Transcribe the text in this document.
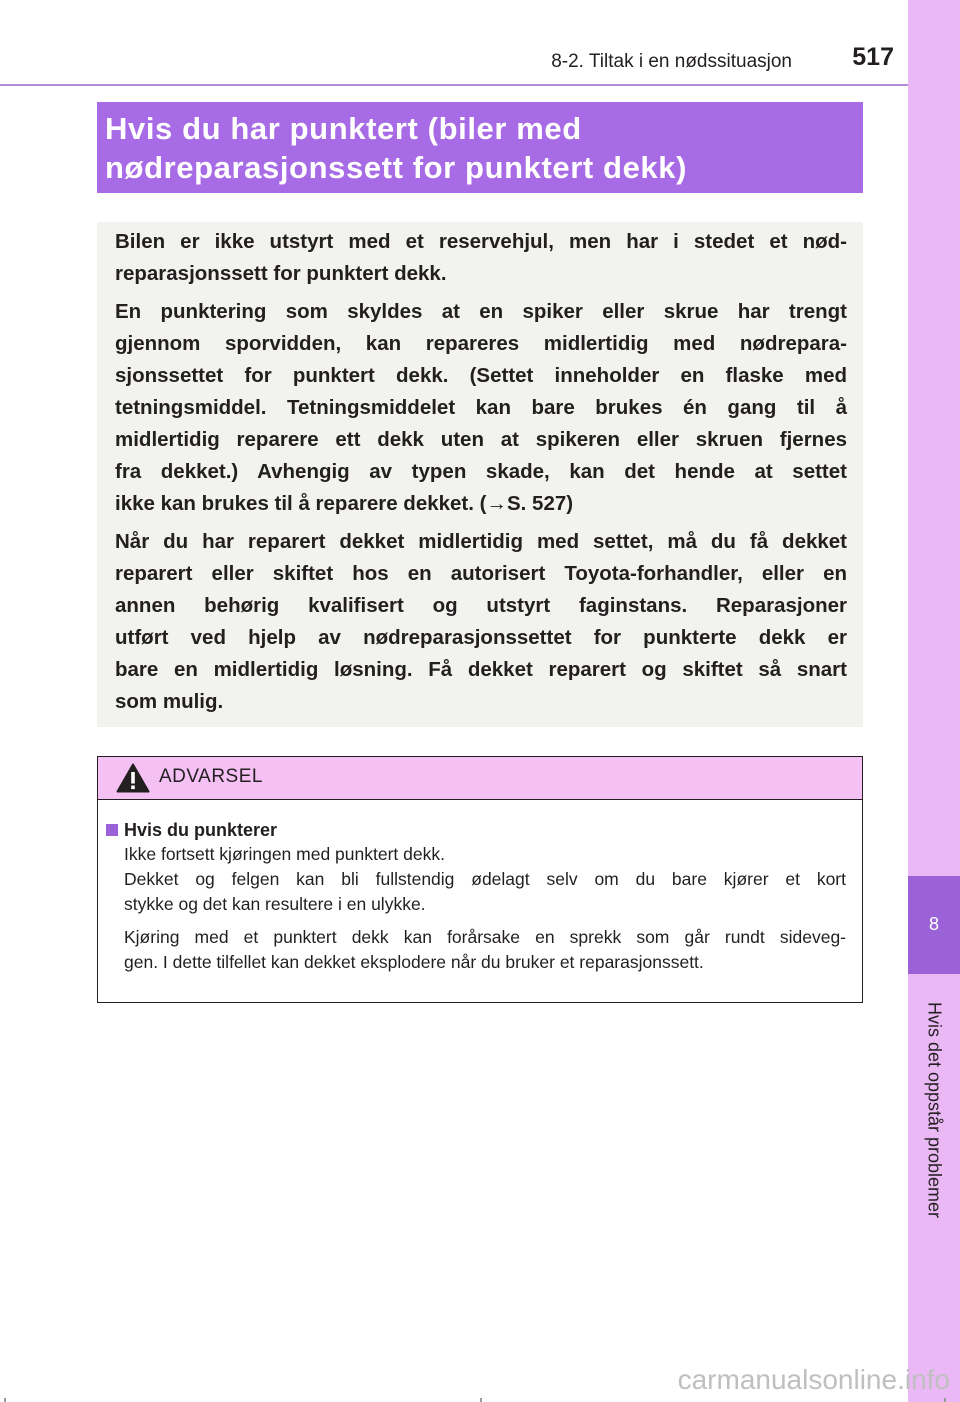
8-2. Tiltak i en nødssituasjon	517
8
Hvis det oppstår problemer
Hvis du har punktert (biler med
nødreparasjonssett for punktert dekk)

Bilen er ikke utstyrt med et reservehjul, men har i stedet et nød-
reparasjonssett for punktert dekk.

En punktering som skyldes at en spiker eller skrue har trengt
gjennom sporvidden, kan repareres midlertidig med nødrepara-
sjonssettet for punktert dekk. (Settet inneholder en flaske med
tetningsmiddel. Tetningsmiddelet kan bare brukes én gang til å
midlertidig reparere ett dekk uten at spikeren eller skruen fjernes
fra dekket.) Avhengig av typen skade, kan det hende at settet
ikke kan brukes til å reparere dekket. (→S. 527)

Når du har reparert dekket midlertidig med settet, må du få dekket
reparert eller skiftet hos en autorisert Toyota-forhandler, eller en
annen behørig kvalifisert og utstyrt faginstans. Reparasjoner
utført ved hjelp av nødreparasjonssettet for punkterte dekk er
bare en midlertidig løsning. Få dekket reparert og skiftet så snart
som mulig.

ADVARSEL
Hvis du punkterer

Ikke fortsett kjøringen med punktert dekk.
Dekket og felgen kan bli fullstendig ødelagt selv om du bare kjører et kort
stykke og det kan resultere i en ulykke.

Kjøring med et punktert dekk kan forårsake en sprekk som går rundt sideveg-
gen. I dette tilfellet kan dekket eksplodere når du bruker et reparasjonssett.

carmanualsonline.info
